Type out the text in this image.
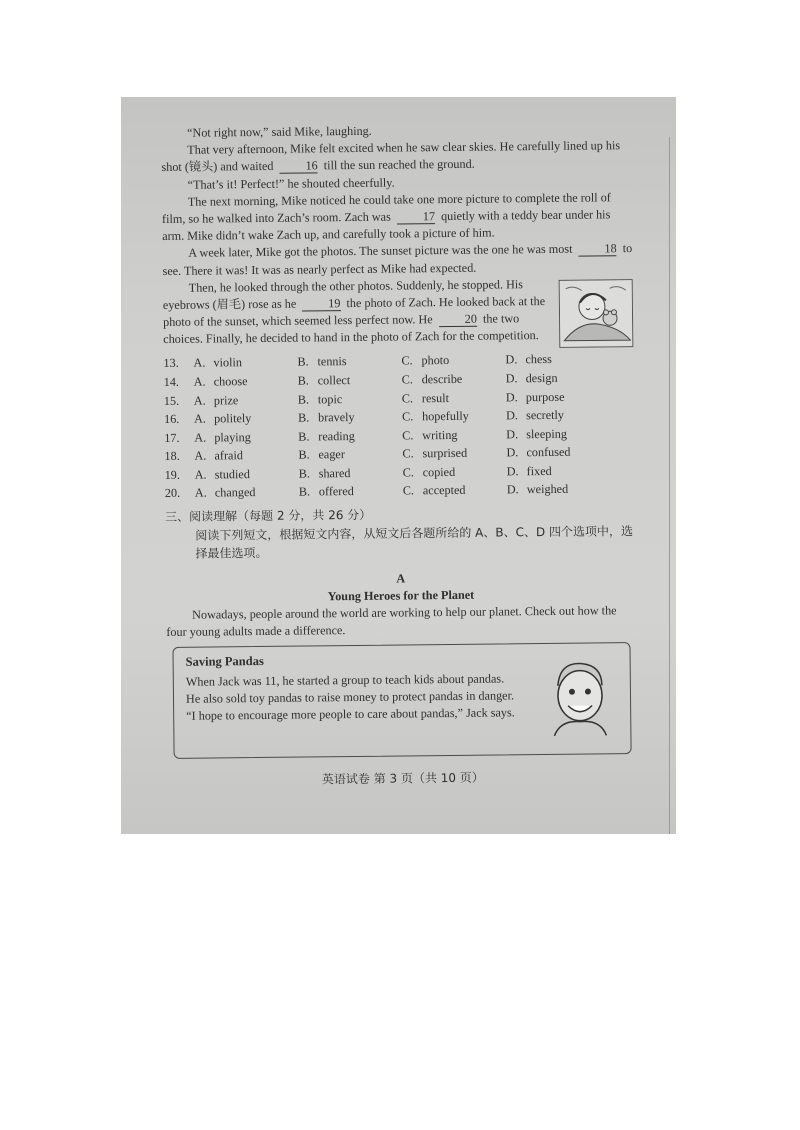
“Not right now,” said Mike, laughing.

That very afternoon, Mike felt excited when he saw clear skies. He carefully lined up his shot (镜头) and waited	16 till the sun reached the ground.

“That’s it! Perfect!” he shouted cheerfully.

The next morning, Mike noticed he could take one more picture to complete the roll of film, so he walked into Zach’s room. Zach was	17 quietly with a teddy bear under his arm. Mike didn’t wake Zach up, and carefully took a picture of him.

A week later, Mike got the photos. The sunset picture was the one he was most	18 to see. There it was! It was as nearly perfect as Mike had expected.

Then, he looked through the other photos. Suddenly, he stopped. His eyebrows (眉毛) rose as he	19 the photo of Zach. He looked back at the photo of the sunset, which seemed less perfect now. He	20 the two choices. Finally, he decided to hand in the photo of Zach for the competition.

13.	A. violin	B. tennis	C. photo	D. chess
14.	A. choose	B. collect	C. describe	D. design
15.	A. prize	B. topic	C. result	D. purpose
16.	A. politely	B. bravely	C. hopefully	D. secretly
17.	A. playing	B. reading	C. writing	D. sleeping
18.	A. afraid	B. eager	C. surprised	D. confused
19.	A. studied	B. shared	C. copied	D. fixed
20.	A. changed	B. offered	C. accepted	D. weighed

三、阅读理解（每题 2 分，共 26 分）

阅读下列短文，根据短文内容，从短文后各题所给的 A、B、C、D 四个选项中，选择最佳选项。

A

Young Heroes for the Planet

Nowadays, people around the world are working to help our planet. Check out how the four young adults made a difference.

Saving Pandas

When Jack was 11, he started a group to teach kids about pandas. He also sold toy pandas to raise money to protect pandas in danger. “I hope to encourage more people to care about pandas,” Jack says.

英语试卷 第 3 页（共 10 页）
